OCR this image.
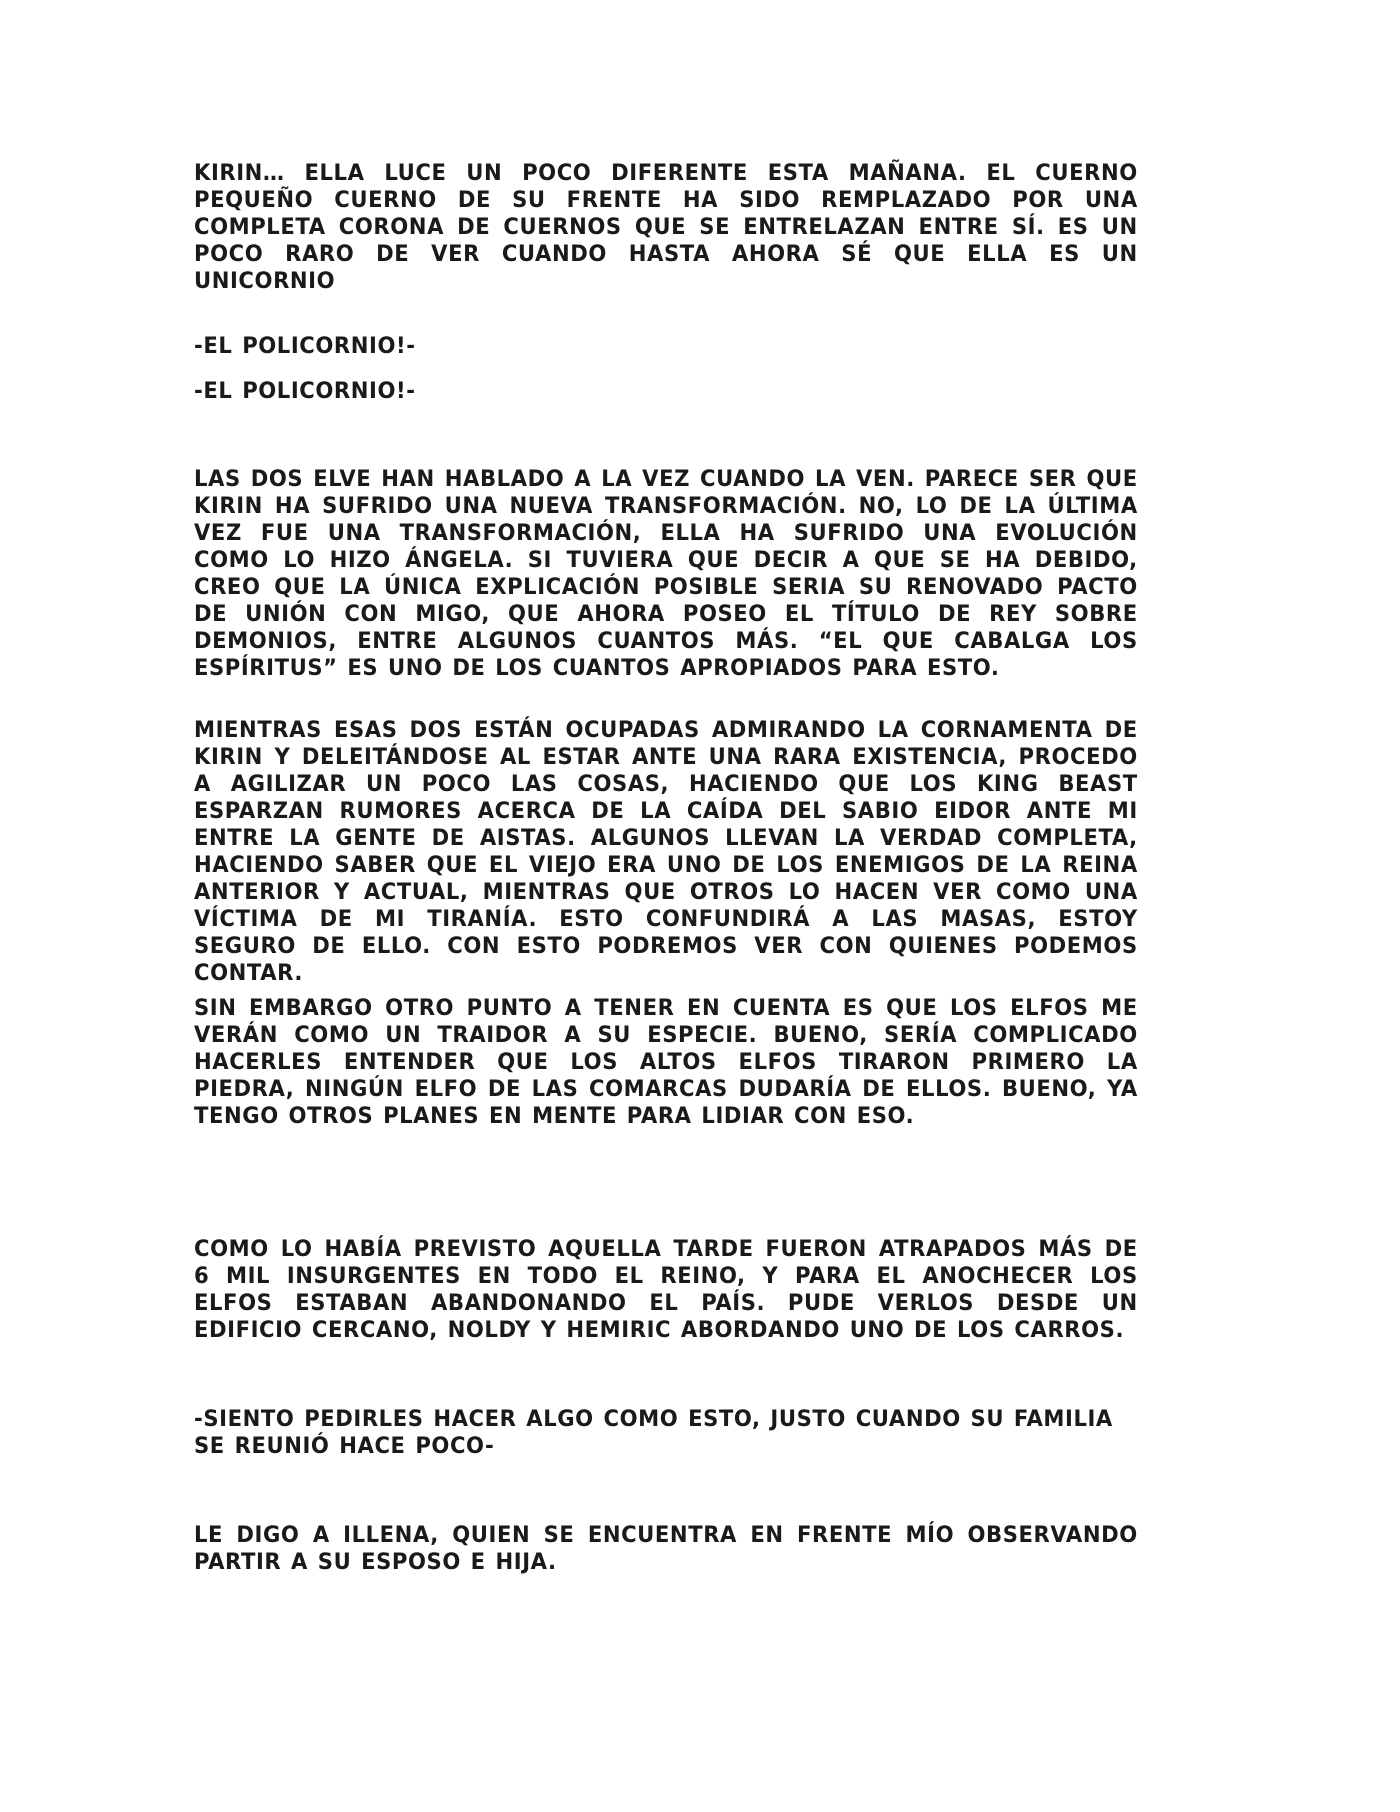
KIRIN… ELLA LUCE UN POCO DIFERENTE ESTA MAÑANA. EL CUERNO PEQUEÑO CUERNO DE SU FRENTE HA SIDO REMPLAZADO POR UNA COMPLETA CORONA DE CUERNOS QUE SE ENTRELAZAN ENTRE SÍ. ES UN POCO RARO DE VER CUANDO HASTA AHORA SÉ QUE ELLA ES UN UNICORNIO

-EL POLICORNIO!-

-EL POLICORNIO!-

LAS DOS ELVE HAN HABLADO A LA VEZ CUANDO LA VEN. PARECE SER QUE KIRIN HA SUFRIDO UNA NUEVA TRANSFORMACIÓN. NO, LO DE LA ÚLTIMA VEZ FUE UNA TRANSFORMACIÓN, ELLA HA SUFRIDO UNA EVOLUCIÓN COMO LO HIZO ÁNGELA. SI TUVIERA QUE DECIR A QUE SE HA DEBIDO, CREO QUE LA ÚNICA EXPLICACIÓN POSIBLE SERIA SU RENOVADO PACTO DE UNIÓN CON MIGO, QUE AHORA POSEO EL TÍTULO DE REY SOBRE DEMONIOS, ENTRE ALGUNOS CUANTOS MÁS. “EL QUE CABALGA LOS ESPÍRITUS” ES UNO DE LOS CUANTOS APROPIADOS PARA ESTO.

MIENTRAS ESAS DOS ESTÁN OCUPADAS ADMIRANDO LA CORNAMENTA DE KIRIN Y DELEITÁNDOSE AL ESTAR ANTE UNA RARA EXISTENCIA, PROCEDO A AGILIZAR UN POCO LAS COSAS, HACIENDO QUE LOS KING BEAST ESPARZAN RUMORES ACERCA DE LA CAÍDA DEL SABIO EIDOR ANTE MI ENTRE LA GENTE DE AISTAS. ALGUNOS LLEVAN LA VERDAD COMPLETA, HACIENDO SABER QUE EL VIEJO ERA UNO DE LOS ENEMIGOS DE LA REINA ANTERIOR Y ACTUAL, MIENTRAS QUE OTROS LO HACEN VER COMO UNA VÍCTIMA DE MI TIRANÍA. ESTO CONFUNDIRÁ A LAS MASAS, ESTOY SEGURO DE ELLO. CON ESTO PODREMOS VER CON QUIENES PODEMOS CONTAR.

SIN EMBARGO OTRO PUNTO A TENER EN CUENTA ES QUE LOS ELFOS ME VERÁN COMO UN TRAIDOR A SU ESPECIE. BUENO, SERÍA COMPLICADO HACERLES ENTENDER QUE LOS ALTOS ELFOS TIRARON PRIMERO LA PIEDRA, NINGÚN ELFO DE LAS COMARCAS DUDARÍA DE ELLOS. BUENO, YA TENGO OTROS PLANES EN MENTE PARA LIDIAR CON ESO.

COMO LO HABÍA PREVISTO AQUELLA TARDE FUERON ATRAPADOS MÁS DE 6 MIL INSURGENTES EN TODO EL REINO, Y PARA EL ANOCHECER LOS ELFOS ESTABAN ABANDONANDO EL PAÍS. PUDE VERLOS DESDE UN EDIFICIO CERCANO, NOLDY Y HEMIRIC ABORDANDO UNO DE LOS CARROS.

-SIENTO PEDIRLES HACER ALGO COMO ESTO, JUSTO CUANDO SU FAMILIA SE REUNIÓ HACE POCO-

LE DIGO A ILLENA, QUIEN SE ENCUENTRA EN FRENTE MÍO OBSERVANDO PARTIR A SU ESPOSO E HIJA.
